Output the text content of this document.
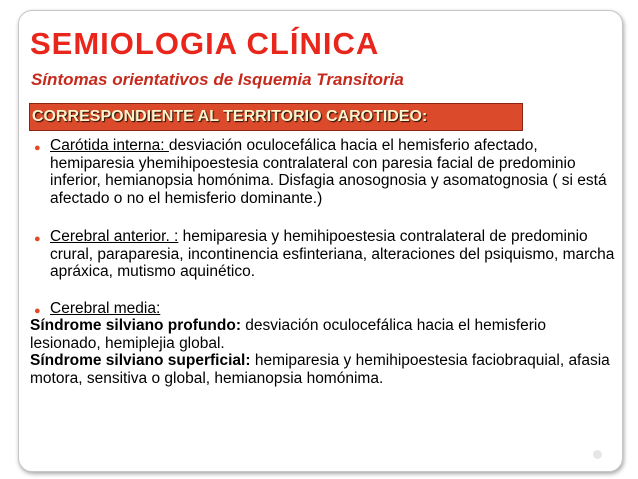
SEMIOLOGIA CLÍNICA
Síntomas orientativos de Isquemia Transitoria
CORRESPONDIENTE AL TERRITORIO CAROTIDEO:
● Carótida interna: desviación oculocefálica hacia el hemisferio afectado, hemiparesia yhemihipoestesia contralateral con paresia facial de predominio inferior, hemianopsia homónima. Disfagia anosognosia y asomatognosia ( si está afectado o no el hemisferio dominante.)
● Cerebral anterior. : hemiparesia y hemihipoestesia contralateral de predominio crural, paraparesia, incontinencia esfinteriana, alteraciones del psiquismo, marcha apráxica, mutismo aquinético.
● Cerebral media:
Síndrome silviano profundo: desviación oculocefálica hacia el hemisferio lesionado, hemiplejia global.
Síndrome silviano superficial: hemiparesia y hemihipoestesia faciobraquial, afasia motora, sensitiva o global, hemianopsia homónima.
